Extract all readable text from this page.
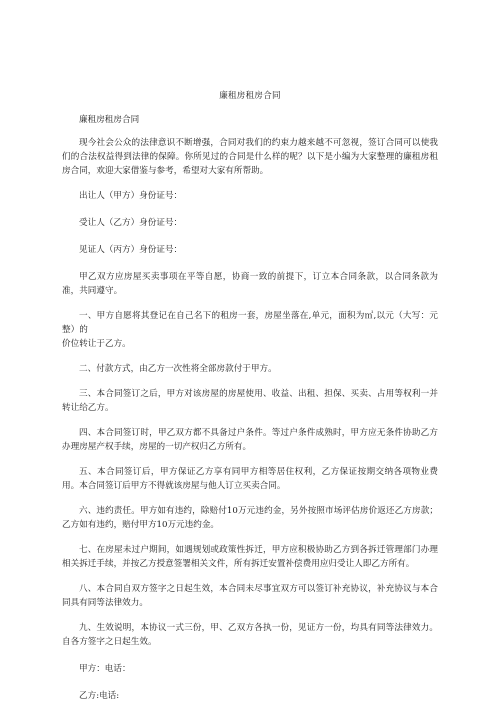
廉租房租房合同

廉租房租房合同

现今社会公众的法律意识不断增强，合同对我们的约束力越来越不可忽视，签订合同可以使我们的合法权益得到法律的保障。你所见过的合同是什么样的呢？以下是小编为大家整理的廉租房租房合同，欢迎大家借鉴与参考，希望对大家有所帮助。

出让人（甲方）身份证号：

受让人（乙方）身份证号：

见证人（丙方）身份证号：

甲乙双方应房屋买卖事项在平等自愿，协商一致的前提下，订立本合同条款，以合同条款为准，共同遵守。

一、甲方自愿将其登记在自己名下的租房一套，房屋坐落在,单元，面积为㎡,以元（大写：元整）的

价位转让于乙方。

二、付款方式，由乙方一次性将全部房款付于甲方。

三、本合同签订之后，甲方对该房屋的房屋使用、收益、出租、担保、买卖、占用等权利一并转让给乙方。

四、本合同签订时，甲乙双方都不具备过户条件。等过户条件成熟时，甲方应无条件协助乙方办理房屋产权手续，房屋的一切产权归乙方所有。

五、本合同签订后，甲方保证乙方享有同甲方相等居住权利，乙方保证按期交纳各项物业费用。本合同签订后甲方不得就该房屋与他人订立买卖合同。

六、违约责任。甲方如有违约，除赔付10万元违约金，另外按照市场评估房价返还乙方房款；乙方如有违约，赔付甲方10万元违约金。

七、在房屋未过户期间，如遇规划或政策性拆迁，甲方应积极协助乙方到各拆迁管理部门办理相关拆迁手续，并按乙方授意签署相关文件，所有拆迁安置补偿费用应归受让人即乙方所有。

八、本合同自双方签字之日起生效，本合同未尽事宜双方可以签订补充协议，补充协议与本合同具有同等法律效力。

九、生效说明，本协议一式三份，甲、乙双方各执一份，见证方一份，均具有同等法律效力。自各方签字之日起生效。

甲方：电话：

乙方:电话:
